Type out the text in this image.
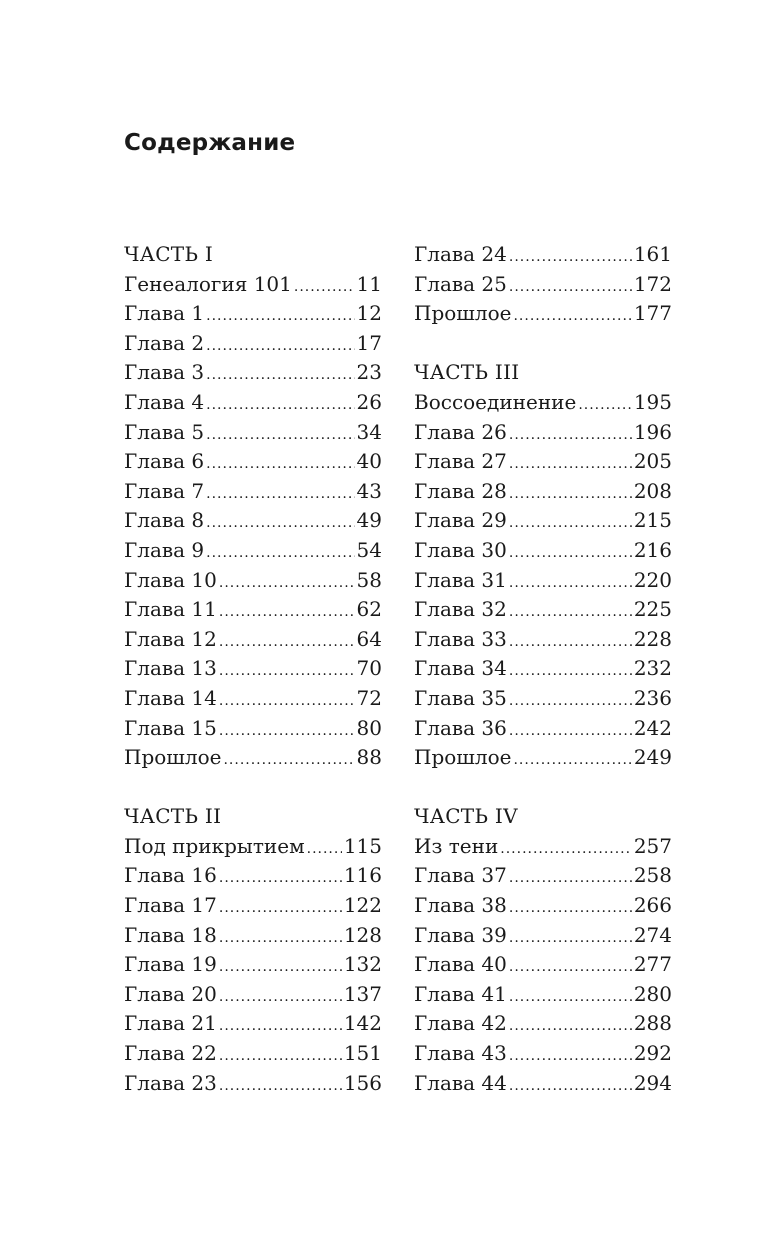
Содержание
ЧАСТЬ I
Генеалогия 101 .....	11
Глава 1 .....	12
Глава 2 .....	17
Глава 3 .....	23
Глава 4 .....	26
Глава 5 .....	34
Глава 6 .....	40
Глава 7 .....	43
Глава 8 .....	49
Глава 9 .....	54
Глава 10 .....	58
Глава 11 .....	62
Глава 12 .....	64
Глава 13 .....	70
Глава 14 .....	72
Глава 15 .....	80
Прошлое .....	88
ЧАСТЬ II
Под прикрытием ..... 115
Глава 16 .....	116
Глава 17 .....	122
Глава 18 .....	128
Глава 19 .....	132
Глава 20 .....	137
Глава 21 .....	142
Глава 22 .....	151
Глава 23 .....	156
Глава 24 .....	161
Глава 25 .....	172
Прошлое .....	177
ЧАСТЬ III
Воссоединение .....	195
Глава 26 .....	196
Глава 27 .....	205
Глава 28 .....	208
Глава 29 .....	215
Глава 30 .....	216
Глава 31 .....	220
Глава 32 .....	225
Глава 33 .....	228
Глава 34 .....	232
Глава 35 .....	236
Глава 36 .....	242
Прошлое .....	249
ЧАСТЬ IV
Из тени .....	257
Глава 37 .....	258
Глава 38 .....	266
Глава 39 .....	274
Глава 40 .....	277
Глава 41 .....	280
Глава 42 .....	288
Глава 43 .....	292
Глава 44 .....	294
